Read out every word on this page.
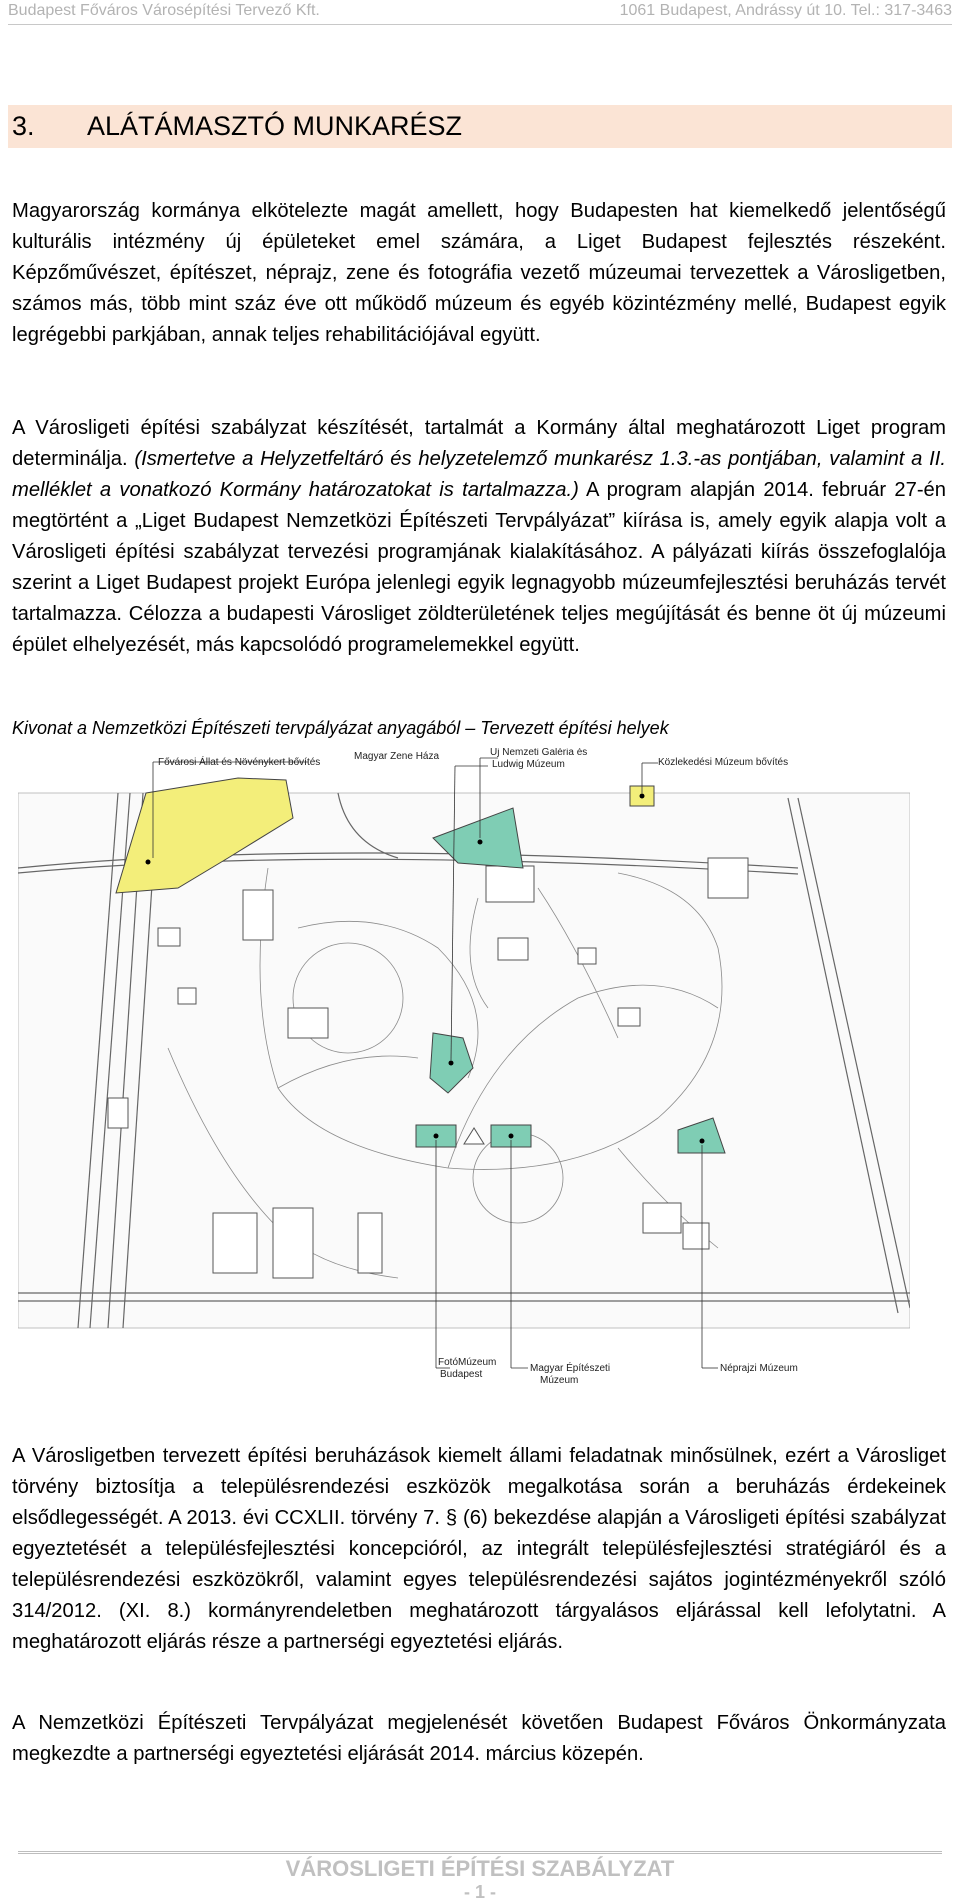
Budapest Főváros Városépítési Tervező Kft.	1061 Budapest, Andrássy út 10. Tel.: 317-3463
3.	ALÁTÁMASZTÓ MUNKARÉSZ

Magyarország kormánya elkötelezte magát amellett, hogy Budapesten hat kiemelkedő jelentőségű kulturális intézmény új épületeket emel számára, a Liget Budapest fejlesztés részeként. Képzőművészet, építészet, néprajz, zene és fotográfia vezető múzeumai tervezettek a Városligetben, számos más, több mint száz éve ott működő múzeum és egyéb közintézmény mellé, Budapest egyik legrégebbi parkjában, annak teljes rehabilitációjával együtt.

A Városligeti építési szabályzat készítését, tartalmát a Kormány által meghatározott Liget program determinálja. (Ismertetve a Helyzetfeltáró és helyzetelemző munkarész 1.3.-as pontjában, valamint a II. melléklet a vonatkozó Kormány határozatokat is tartalmazza.) A program alapján 2014. február 27-én megtörtént a „Liget Budapest Nemzetközi Építészeti Tervpályázat” kiírása is, amely egyik alapja volt a Városligeti építési szabályzat tervezési programjának kialakításához. A pályázati kiírás összefoglalója szerint a Liget Budapest projekt Európa jelenlegi egyik legnagyobb múzeumfejlesztési beruházás tervét tartalmazza. Célozza a budapesti Városliget zöldterületének teljes megújítását és benne öt új múzeumi épület elhelyezését, más kapcsolódó programelemekkel együtt.

Kivonat a Nemzetközi Építészeti tervpályázat anyagából – Tervezett építési helyek
Fővárosi Állat és Növénykert bővítés
Magyar Zene Háza	Új Nemzeti Galéria és
Ludwig Múzeum	Közlekedési Múzeum bővítés
FotóMúzeum
Budapest
Magyar Építészeti
Múzeum
Néprajzi Múzeum

A Városligetben tervezett építési beruházások kiemelt állami feladatnak minősülnek, ezért a Városliget törvény biztosítja a településrendezési eszközök megalkotása során a beruházás érdekeinek elsődlegességét. A 2013. évi CCXLII. törvény 7. § (6) bekezdése alapján a Városligeti építési szabályzat egyeztetését a településfejlesztési koncepcióról, az integrált településfejlesztési stratégiáról és a településrendezési eszközökről, valamint egyes településrendezési sajátos jogintézményekről szóló 314/2012. (XI. 8.) kormányrendeletben meghatározott tárgyalásos eljárással kell lefolytatni. A meghatározott eljárás része a partnerségi egyeztetési eljárás.

A Nemzetközi Építészeti Tervpályázat megjelenését követően Budapest Főváros Önkormányzata megkezdte a partnerségi egyeztetési eljárását 2014. március közepén.

VÁROSLIGETI ÉPÍTÉSI SZABÁLYZAT
- 1 -
